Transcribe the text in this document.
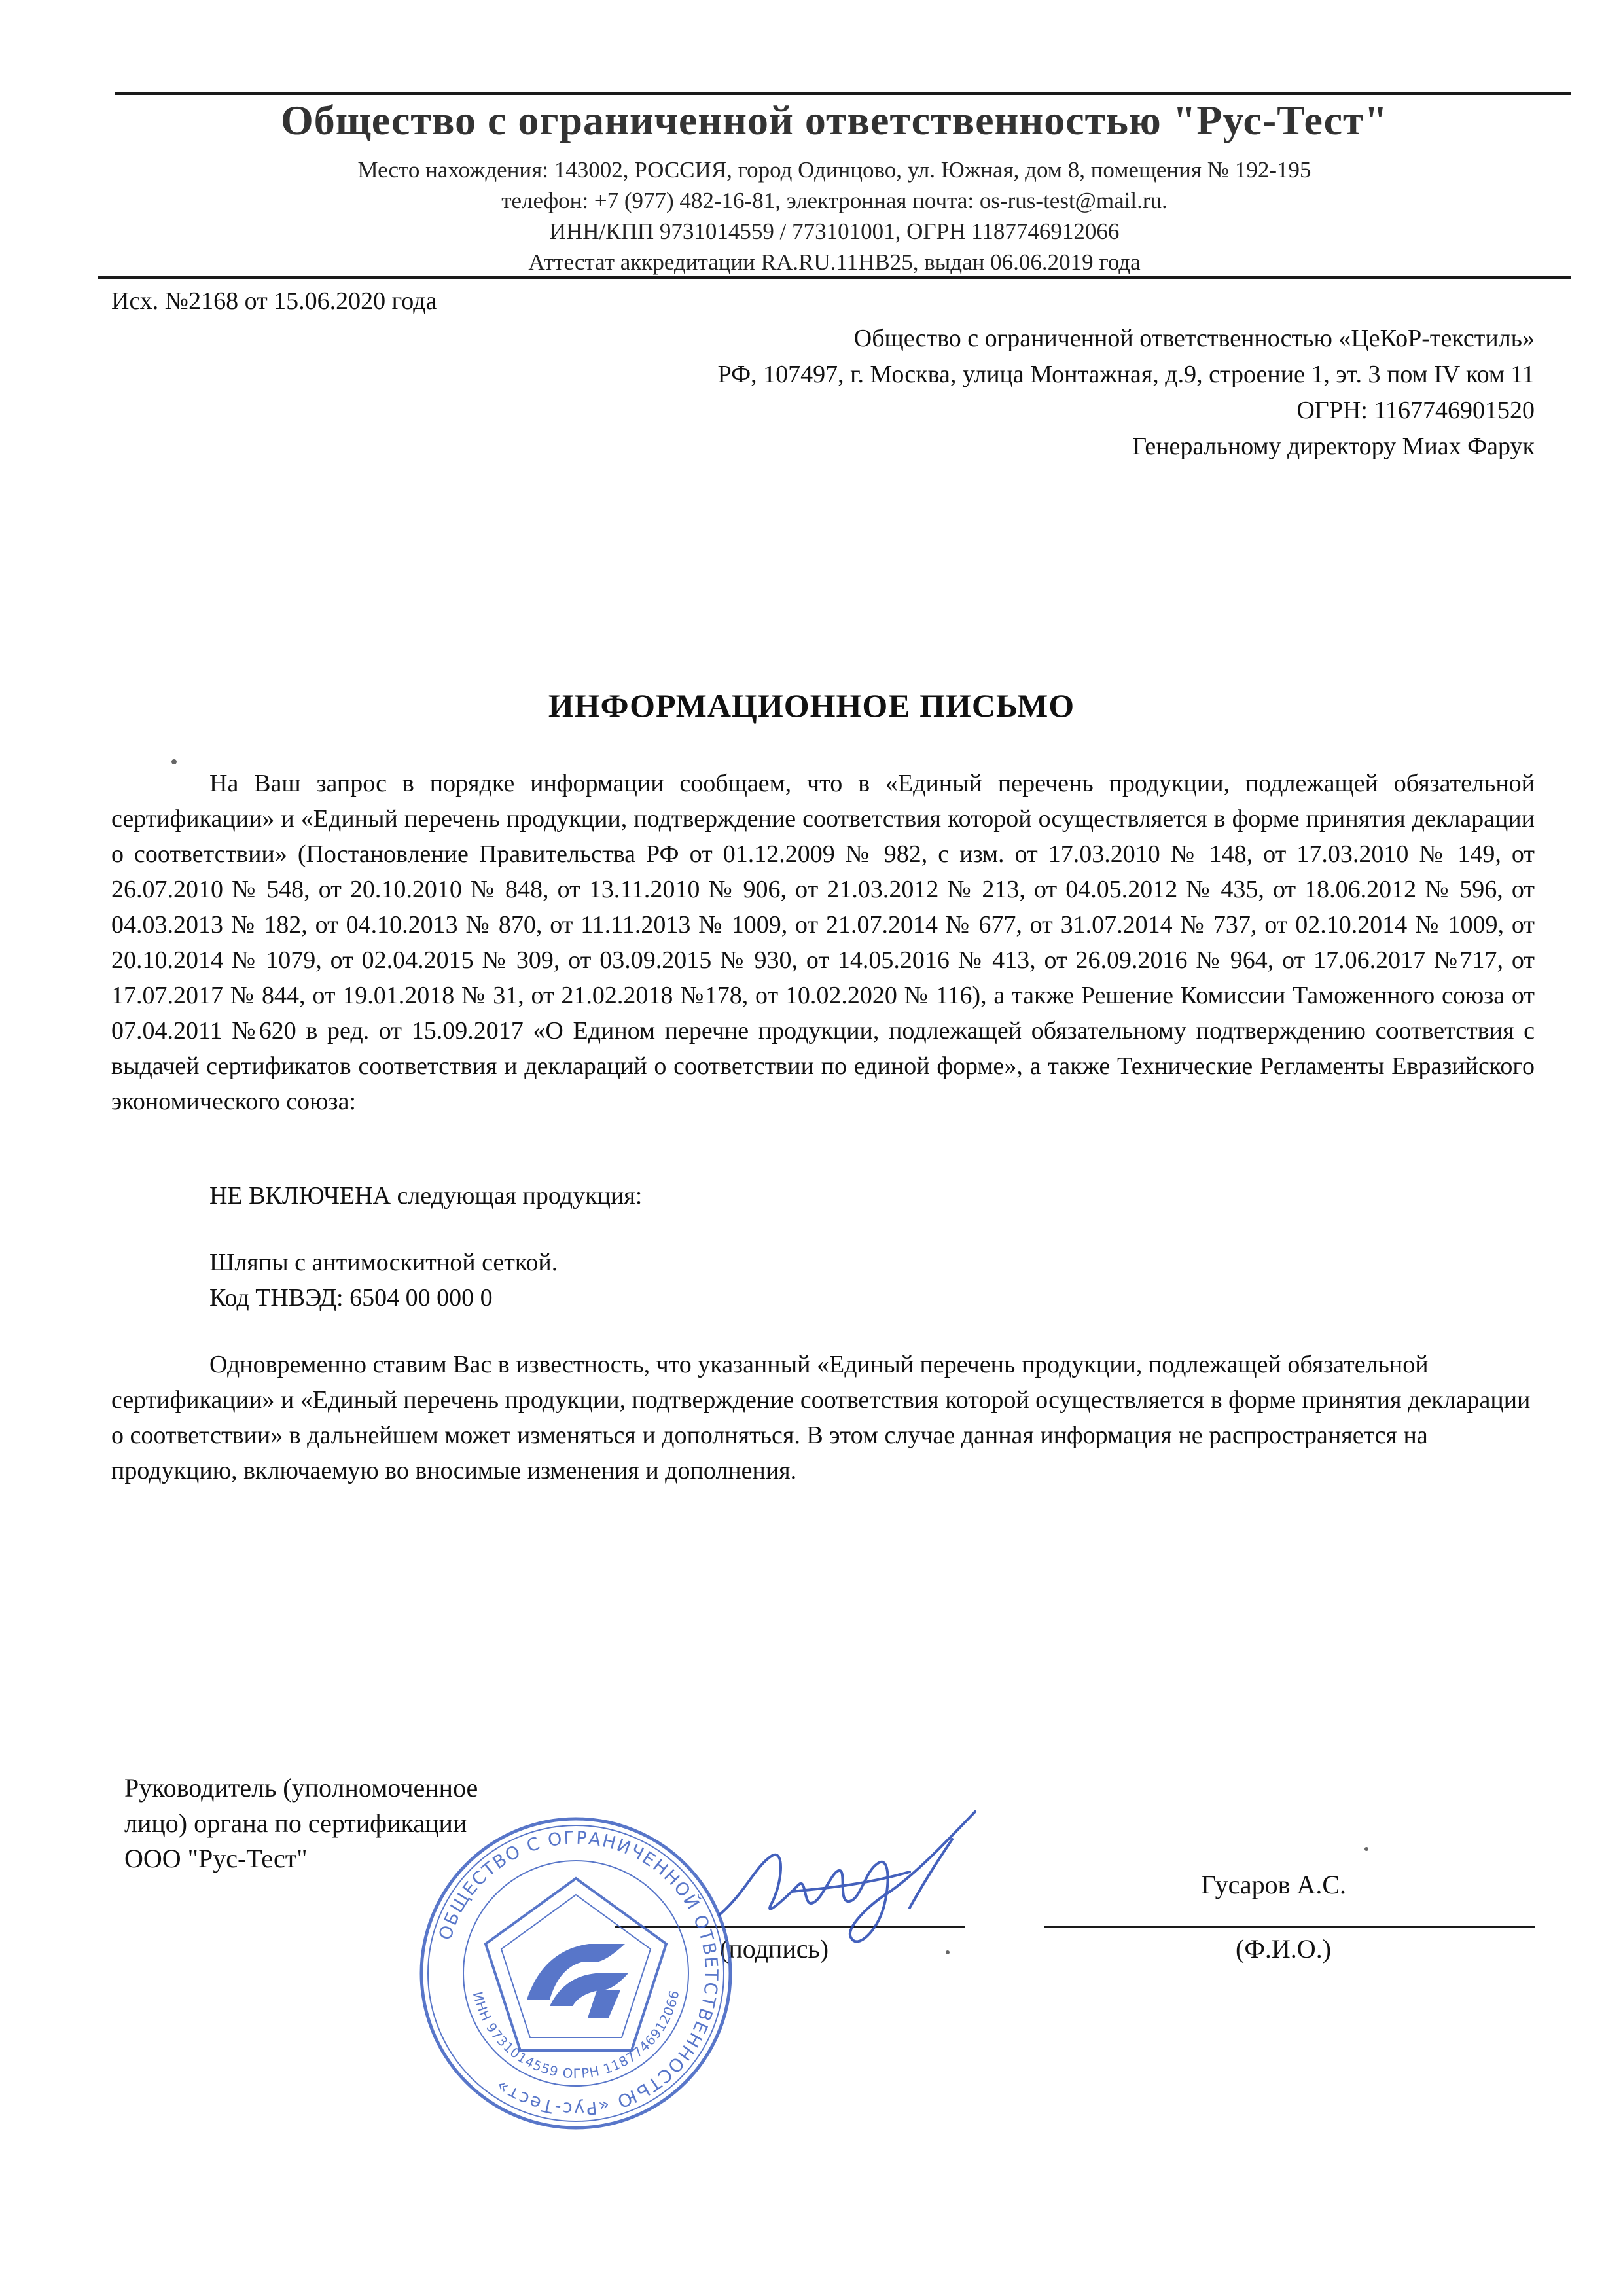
Общество с ограниченной ответственностью "Рус-Тест"
Место нахождения: 143002, РОССИЯ, город Одинцово, ул. Южная, дом 8, помещения № 192-195
телефон: +7 (977) 482-16-81, электронная почта: os-rus-test@mail.ru.
ИНН/КПП 9731014559 / 773101001, ОГРН 1187746912066
Аттестат аккредитации RA.RU.11НВ25, выдан 06.06.2019 года
Исх. №2168 от 15.06.2020 года
Общество с ограниченной ответственностью «ЦеКоР-текстиль»
РФ, 107497, г. Москва, улица Монтажная, д.9, строение 1, эт. 3 пом IV ком 11
ОГРН: 1167746901520
Генеральному директору Миах Фарук
ИНФОРМАЦИОННОЕ ПИСЬМО
На Ваш запрос в порядке информации сообщаем, что в «Единый перечень продукции, подлежащей обязательной сертификации» и «Единый перечень продукции, подтверждение соответствия которой осуществляется в форме принятия декларации о соответствии» (Постановление Правительства РФ от 01.12.2009 № 982, с изм. от 17.03.2010 № 148, от 17.03.2010 № 149, от 26.07.2010 № 548, от 20.10.2010 № 848, от 13.11.2010 № 906, от 21.03.2012 № 213, от 04.05.2012 № 435, от 18.06.2012 № 596, от 04.03.2013 № 182, от 04.10.2013 № 870, от 11.11.2013 № 1009, от 21.07.2014 № 677, от 31.07.2014 № 737, от 02.10.2014 № 1009, от 20.10.2014 № 1079, от 02.04.2015 № 309, от 03.09.2015 № 930, от 14.05.2016 № 413, от 26.09.2016 № 964, от 17.06.2017 №717, от 17.07.2017 № 844, от 19.01.2018 № 31, от 21.02.2018 №178, от 10.02.2020 № 116), а также Решение Комиссии Таможенного союза от 07.04.2011 №620 в ред. от 15.09.2017 «О Едином перечне продукции, подлежащей обязательному подтверждению соответствия с выдачей сертификатов соответствия и деклараций о соответствии по единой форме», а также Технические Регламенты Евразийского экономического союза:
НЕ ВКЛЮЧЕНА следующая продукция:
Шляпы с антимоскитной сеткой.
Код ТНВЭД: 6504 00 000 0
Одновременно ставим Вас в известность, что указанный «Единый перечень продукции, подлежащей обязательной сертификации» и «Единый перечень продукции, подтверждение соответствия которой осуществляется в форме принятия декларации о соответствии» в дальнейшем может изменяться и дополняться. В этом случае данная информация не распространяется на продукцию, включаемую во вносимые изменения и дополнения.
Руководитель (уполномоченное
лицо) органа по сертификации
ООО "Рус-Тест"
Гусаров А.С.
(подпись)	(Ф.И.О.)
ОБЩЕСТВО С ОГРАНИЧЕННОЙ ОТВЕТСТВЕННОСТЬЮ «Рус-Тест»
ИНН 9731014559 ОГРН 1187746912066
